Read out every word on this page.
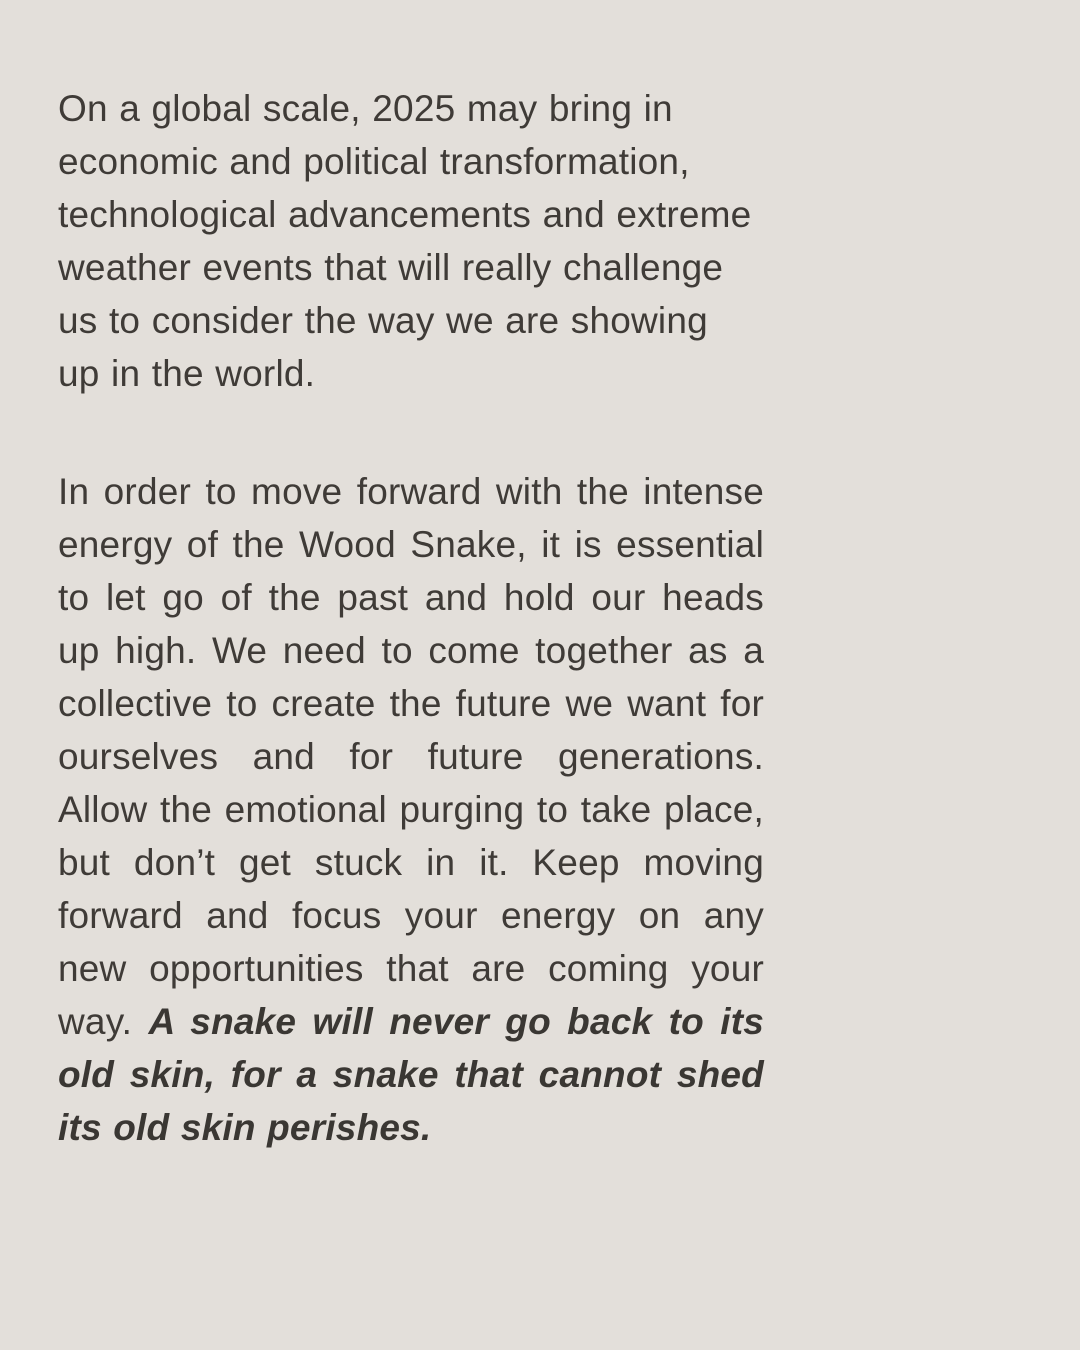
On a global scale, 2025 may bring in economic and political transformation, technological advancements and extreme weather events that will really challenge us to consider the way we are showing up in the world.

In order to move forward with the intense energy of the Wood Snake, it is essential to let go of the past and hold our heads up high. We need to come together as a collective to create the future we want for ourselves and for future generations. Allow the emotional purging to take place, but don’t get stuck in it. Keep moving forward and focus your energy on any new opportunities that are coming your way. A snake will never go back to its old skin, for a snake that cannot shed its old skin perishes.
